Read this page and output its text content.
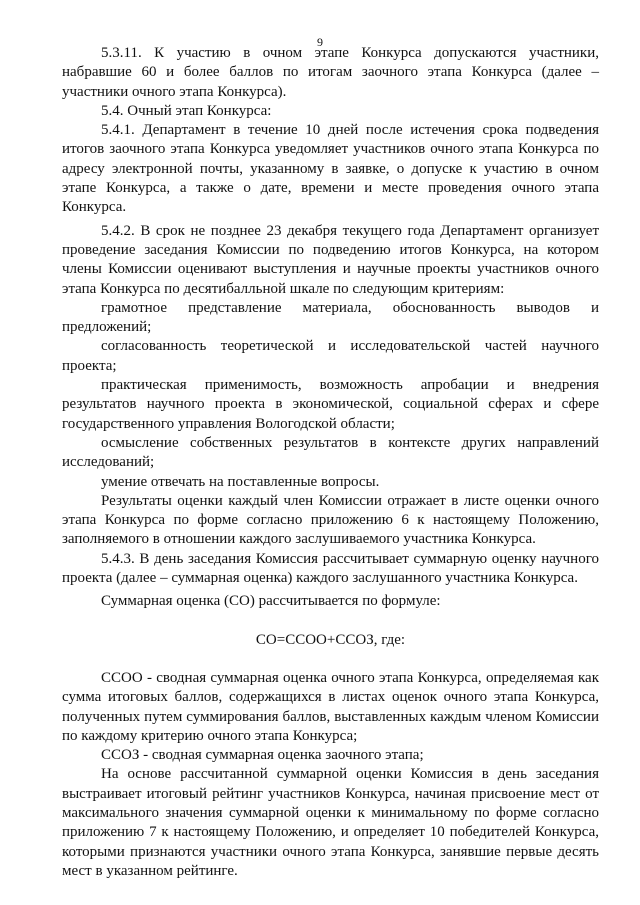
9

5.3.11. К участию в очном этапе Конкурса допускаются участники, набравшие 60 и более баллов по итогам заочного этапа Конкурса (далее – участники очного этапа Конкурса).

5.4. Очный этап Конкурса:

5.4.1. Департамент в течение 10 дней после истечения срока подведения итогов заочного этапа Конкурса уведомляет участников очного этапа Конкурса по адресу электронной почты, указанному в заявке, о допуске к участию в очном этапе Конкурса, а также о дате, времени и месте проведения очного этапа Конкурса.

5.4.2. В срок не позднее 23 декабря текущего года Департамент организует проведение заседания Комиссии по подведению итогов Конкурса, на котором члены Комиссии оценивают выступления и научные проекты участников очного этапа Конкурса по десятибалльной шкале по следующим критериям:

грамотное представление материала, обоснованность выводов и предложений;

согласованность теоретической и исследовательской частей научного проекта;

практическая применимость, возможность апробации и внедрения результатов научного проекта в экономической, социальной сферах и сфере государственного управления Вологодской области;

осмысление собственных результатов в контексте других направлений исследований;

умение отвечать на поставленные вопросы.

Результаты оценки каждый член Комиссии отражает в листе оценки очного этапа Конкурса по форме согласно приложению 6 к настоящему Положению, заполняемого в отношении каждого заслушиваемого участника Конкурса.

5.4.3. В день заседания Комиссия рассчитывает суммарную оценку научного проекта (далее – суммарная оценка) каждого заслушанного участника Конкурса.

Суммарная оценка (СО) рассчитывается по формуле:

СО=ССОО+ССОЗ, где:

ССОО - сводная суммарная оценка очного этапа Конкурса, определяемая как сумма итоговых баллов, содержащихся в листах оценок очного этапа Конкурса, полученных путем суммирования баллов, выставленных каждым членом Комиссии по каждому критерию очного этапа Конкурса;

ССОЗ - сводная суммарная оценка заочного этапа;

На основе рассчитанной суммарной оценки Комиссия в день заседания выстраивает итоговый рейтинг участников Конкурса, начиная присвоение мест от максимального значения суммарной оценки к минимальному по форме согласно приложению 7 к настоящему Положению, и определяет 10 победителей Конкурса, которыми признаются участники очного этапа Конкурса, занявшие первые десять мест в указанном рейтинге.
